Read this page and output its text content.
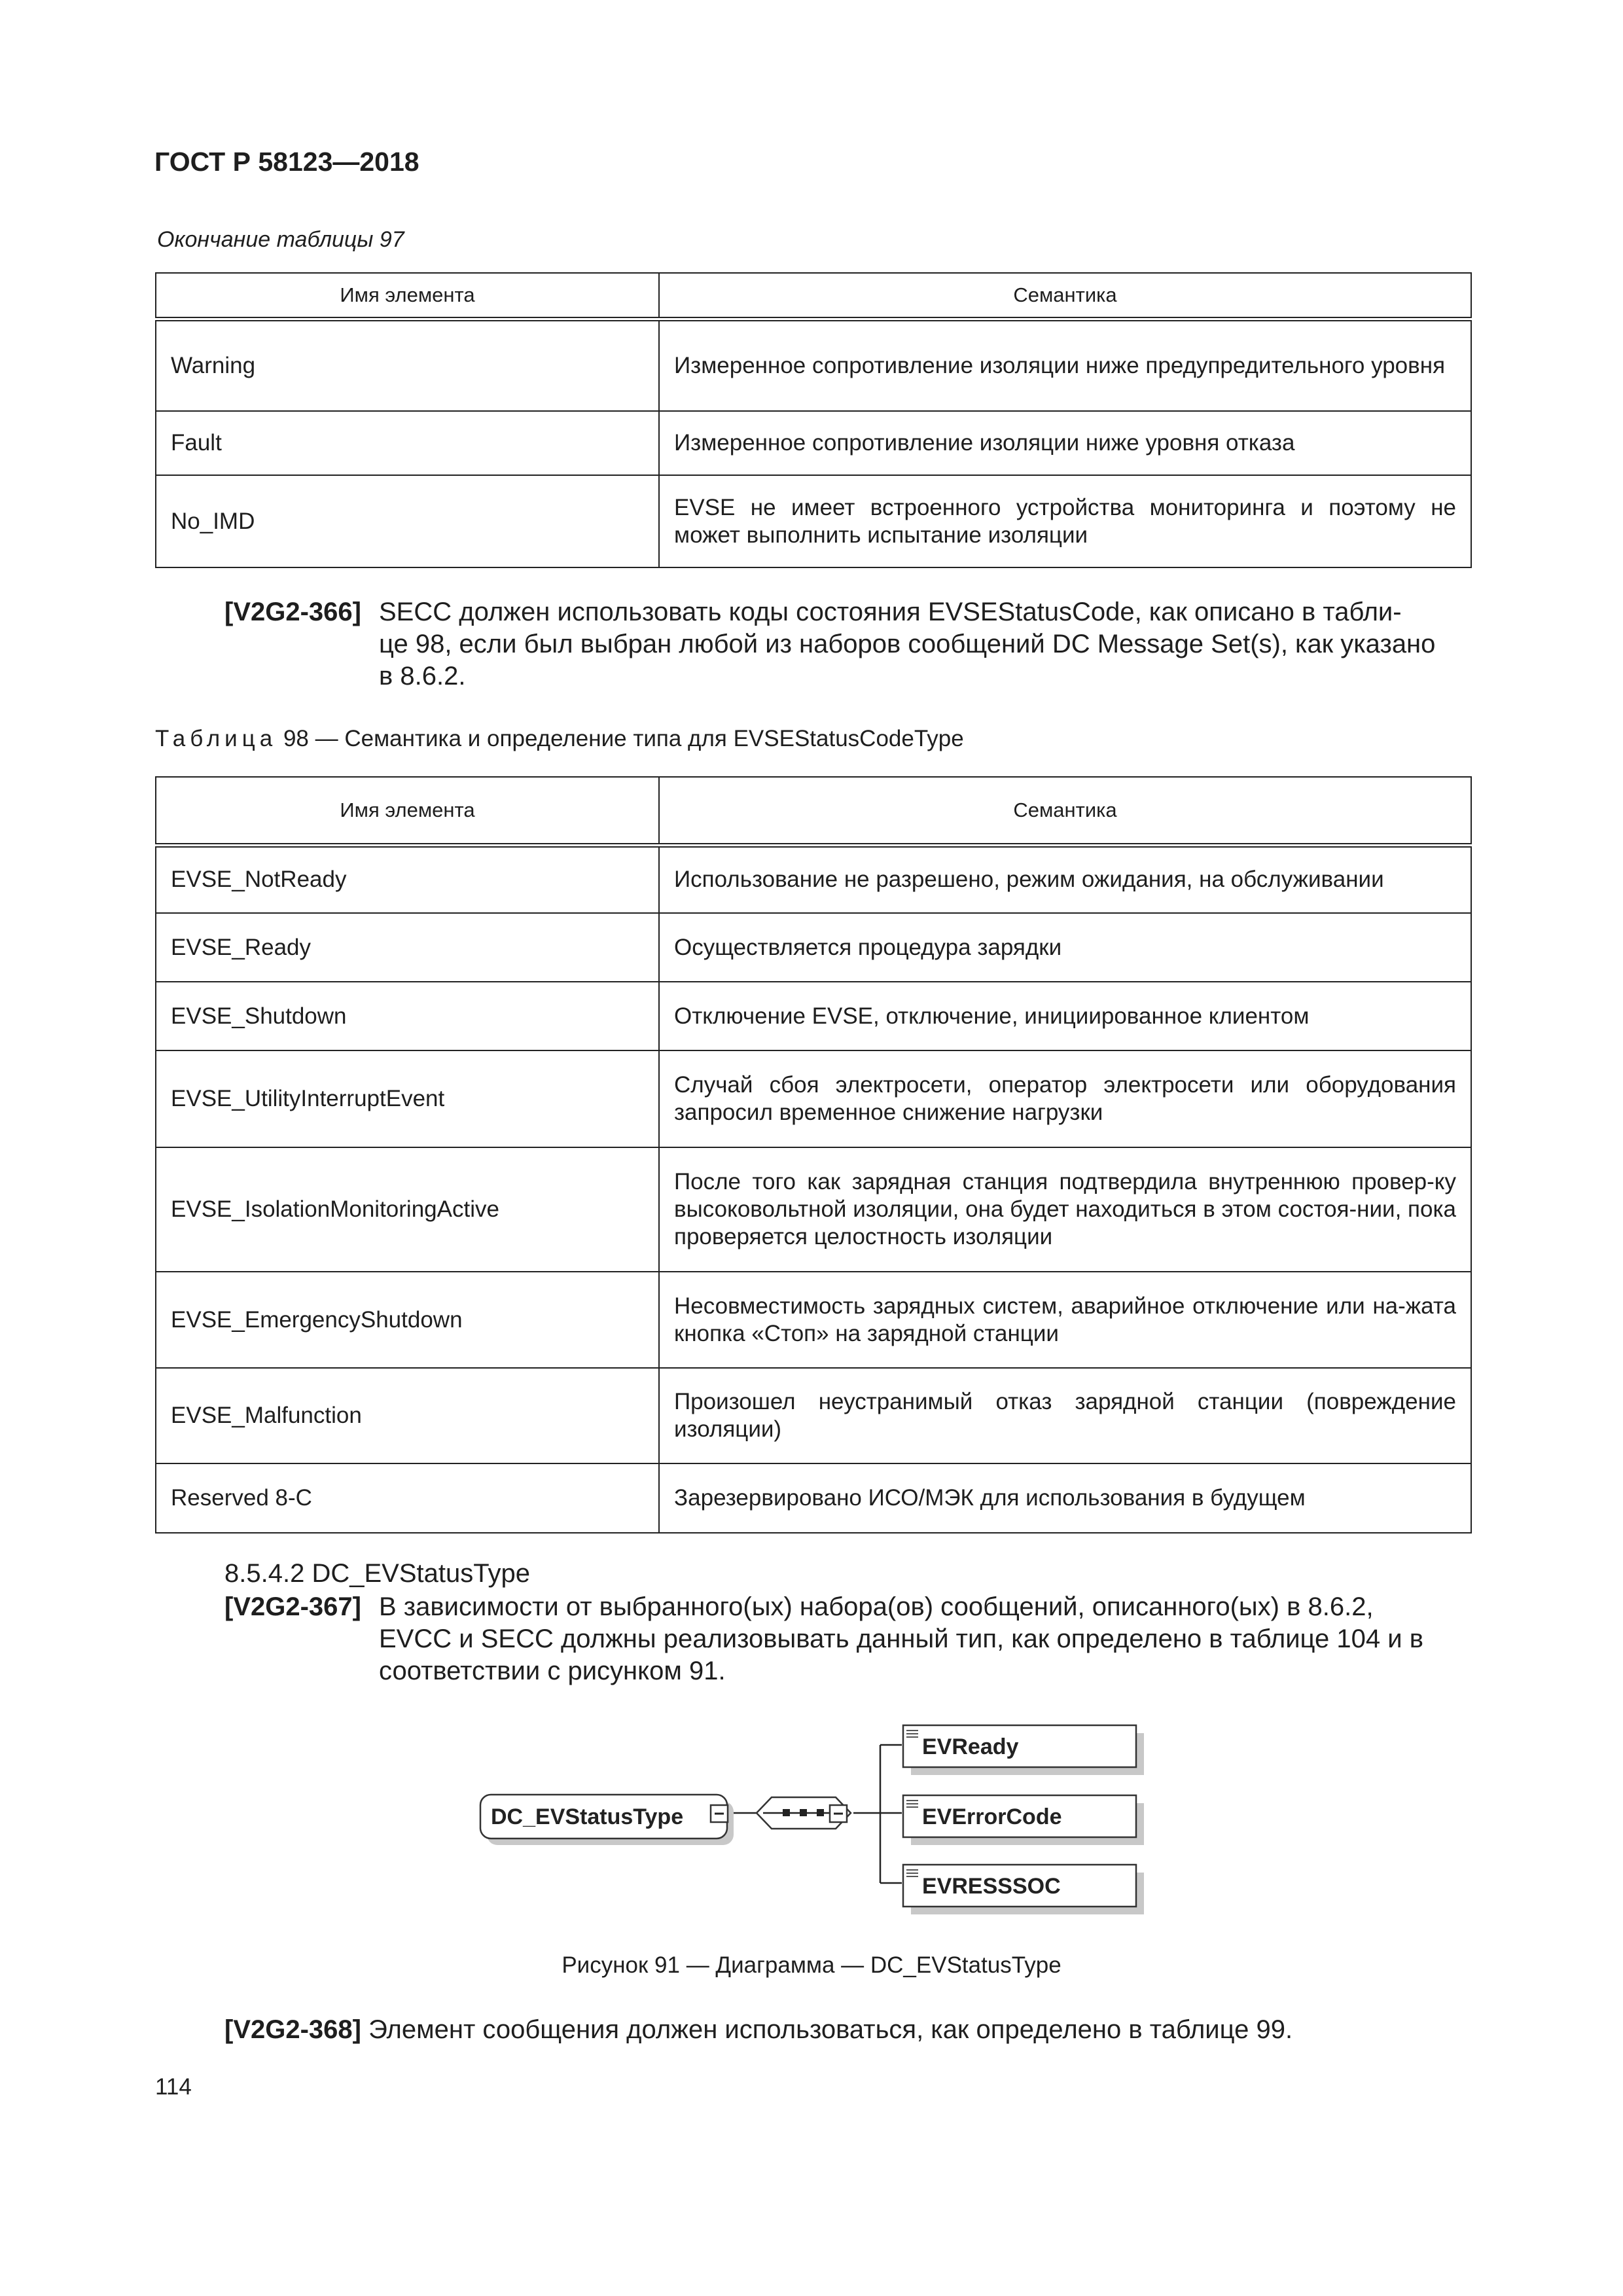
ГОСТ Р 58123—2018
Окончание таблицы 97
Имя элемента	Семантика
Warning	Измеренное сопротивление изоляции ниже предупредительного уровня
Fault	Измеренное сопротивление изоляции ниже уровня отказа
No_IMD	EVSE не имеет встроенного устройства мониторинга и поэтому не может выполнить испытание изоляции
[V2G2-366] SECC должен использовать коды состояния EVSEStatusCode, как описано в табли-
це 98, если был выбран любой из наборов сообщений DC Message Set(s), как указано
в 8.6.2.
Таблица 98 — Семантика и определение типа для EVSEStatusCodeType
Имя элемента	Семантика
EVSE_NotReady	Использование не разрешено, режим ожидания, на обслуживании
EVSE_Ready	Осуществляется процедура зарядки
EVSE_Shutdown	Отключение EVSE, отключение, инициированное клиентом
EVSE_UtilityInterruptEvent	Случай сбоя электросети, оператор электросети или оборудования запросил временное снижение нагрузки
EVSE_IsolationMonitoringActive	После того как зарядная станция подтвердила внутреннюю провер-ку высоковольтной изоляции, она будет находиться в этом состоя-нии, пока проверяется целостность изоляции
EVSE_EmergencyShutdown	Несовместимость зарядных систем, аварийное отключение или на-жата кнопка «Стоп» на зарядной станции
EVSE_Malfunction	Произошел неустранимый отказ зарядной станции (повреждение изоляции)
Reserved 8-C	Зарезервировано ИСО/МЭК для использования в будущем
8.5.4.2 DC_EVStatusType
[V2G2-367] В зависимости от выбранного(ых) набора(ов) сообщений, описанного(ых) в 8.6.2,
EVCC и SECC должны реализовывать данный тип, как определено в таблице 104 и в
соответствии с рисунком 91.
DC_EVStatusType
EVReady
EVErrorCode
EVRESSSOC
Рисунок 91 — Диаграмма — DC_EVStatusType
[V2G2-368] Элемент сообщения должен использоваться, как определено в таблице 99.
114
